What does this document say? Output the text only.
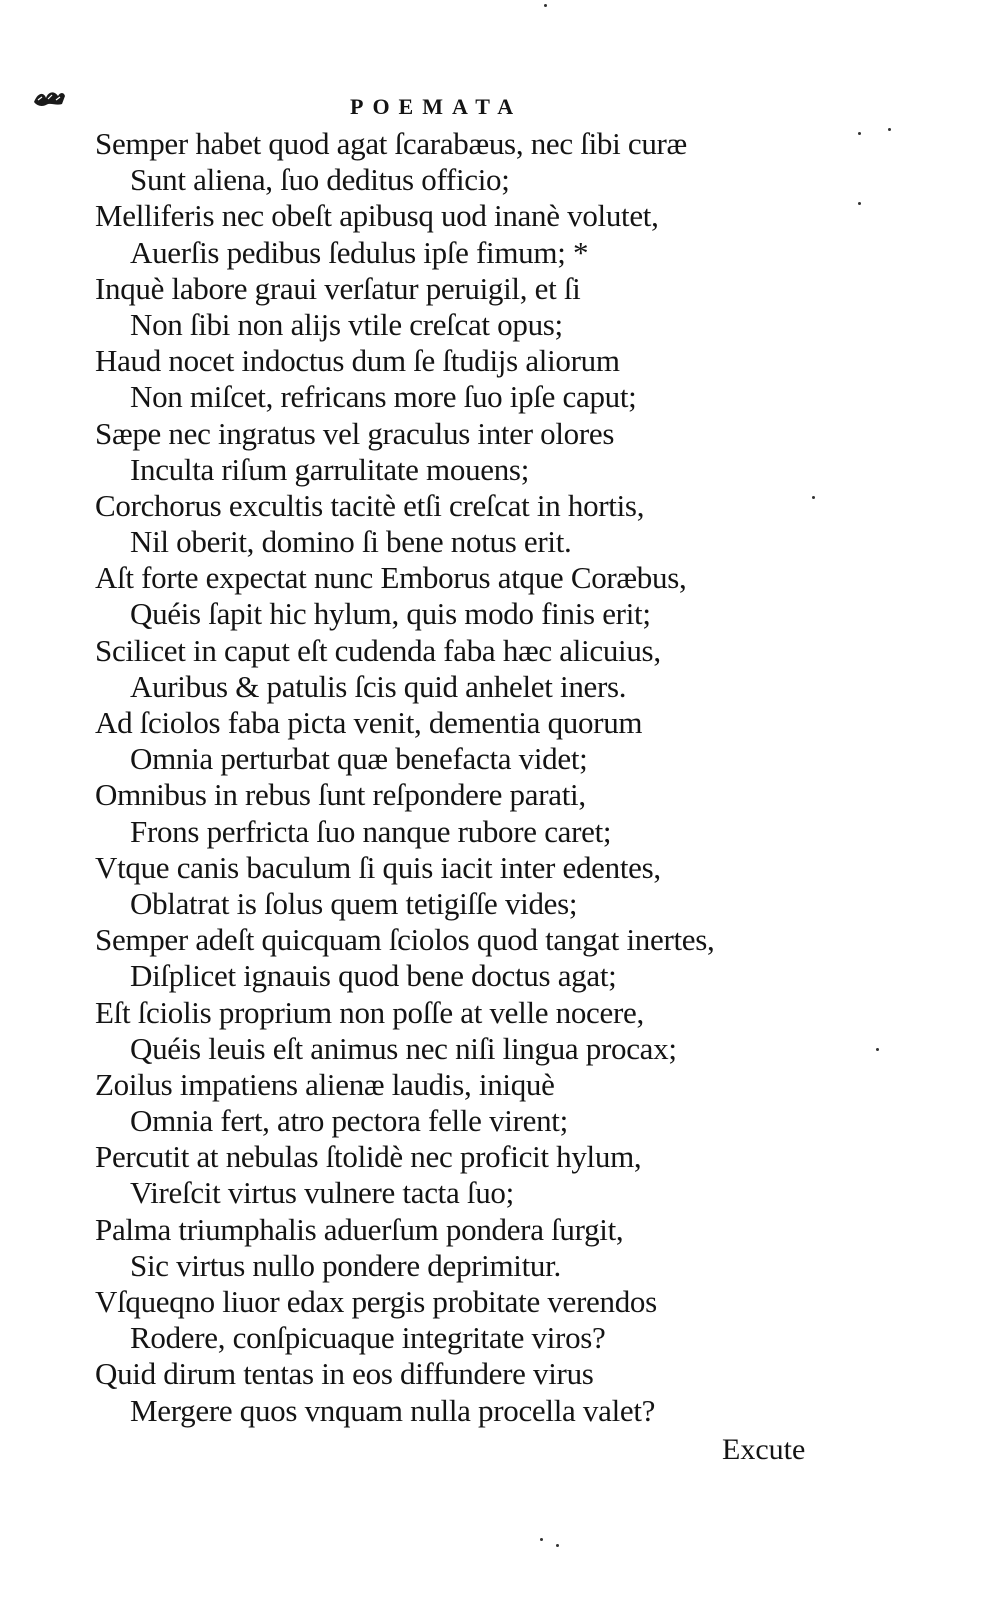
POEMATA
Semper habet quod agat ſcarabæus, nec ſibi curæ
Sunt aliena, ſuo deditus officio;
Melliferis nec obeſt apibusq uod inanè volutet,
Auerſis pedibus ſedulus ipſe fimum; *
Inquè labore graui verſatur peruigil, et ſi
Non ſibi non alijs vtile creſcat opus;
Haud nocet indoctus dum ſe ſtudijs aliorum
Non miſcet, refricans more ſuo ipſe caput;
Sæpe nec ingratus vel graculus inter olores
Inculta riſum garrulitate mouens;
Corchorus excultis tacitè etſi creſcat in hortis,
Nil oberit, domino ſi bene notus erit.
Aſt forte expectat nunc Emborus atque Coræbus,
Quéis ſapit hic hylum, quis modo finis erit;
Scilicet in caput eſt cudenda faba hæc alicuius,
Auribus & patulis ſcis quid anhelet iners.
Ad ſciolos faba picta venit, dementia quorum
Omnia perturbat quæ benefacta videt;
Omnibus in rebus ſunt reſpondere parati,
Frons perfricta ſuo nanque rubore caret;
Vtque canis baculum ſi quis iacit inter edentes,
Oblatrat is ſolus quem tetigiſſe vides;
Semper adeſt quicquam ſciolos quod tangat inertes,
Diſplicet ignauis quod bene doctus agat;
Eſt ſciolis proprium non poſſe at velle nocere,
Quéis leuis eſt animus nec niſi lingua procax;
Zoilus impatiens alienæ laudis, iniquè
Omnia fert, atro pectora felle virent;
Percutit at nebulas ſtolidè nec proficit hylum,
Vireſcit virtus vulnere tacta ſuo;
Palma triumphalis aduerſum pondera ſurgit,
Sic virtus nullo pondere deprimitur.
Vſqueqno liuor edax pergis probitate verendos
Rodere, conſpicuaque integritate viros?
Quid dirum tentas in eos diffundere virus
Mergere quos vnquam nulla procella valet?
Excute
